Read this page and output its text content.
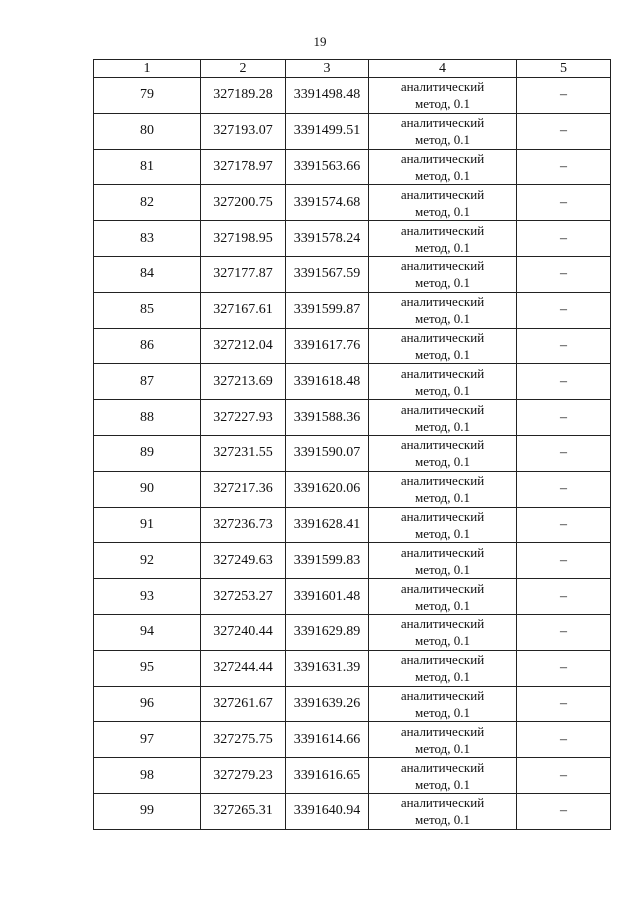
19
1	2	3	4	5
79	327189.28	3391498.48	аналитический
метод, 0.1	–
80	327193.07	3391499.51	аналитический
метод, 0.1	–
81	327178.97	3391563.66	аналитический
метод, 0.1	–
82	327200.75	3391574.68	аналитический
метод, 0.1	–
83	327198.95	3391578.24	аналитический
метод, 0.1	–
84	327177.87	3391567.59	аналитический
метод, 0.1	–
85	327167.61	3391599.87	аналитический
метод, 0.1	–
86	327212.04	3391617.76	аналитический
метод, 0.1	–
87	327213.69	3391618.48	аналитический
метод, 0.1	–
88	327227.93	3391588.36	аналитический
метод, 0.1	–
89	327231.55	3391590.07	аналитический
метод, 0.1	–
90	327217.36	3391620.06	аналитический
метод, 0.1	–
91	327236.73	3391628.41	аналитический
метод, 0.1	–
92	327249.63	3391599.83	аналитический
метод, 0.1	–
93	327253.27	3391601.48	аналитический
метод, 0.1	–
94	327240.44	3391629.89	аналитический
метод, 0.1	–
95	327244.44	3391631.39	аналитический
метод, 0.1	–
96	327261.67	3391639.26	аналитический
метод, 0.1	–
97	327275.75	3391614.66	аналитический
метод, 0.1	–
98	327279.23	3391616.65	аналитический
метод, 0.1	–
99	327265.31	3391640.94	аналитический
метод, 0.1	–
